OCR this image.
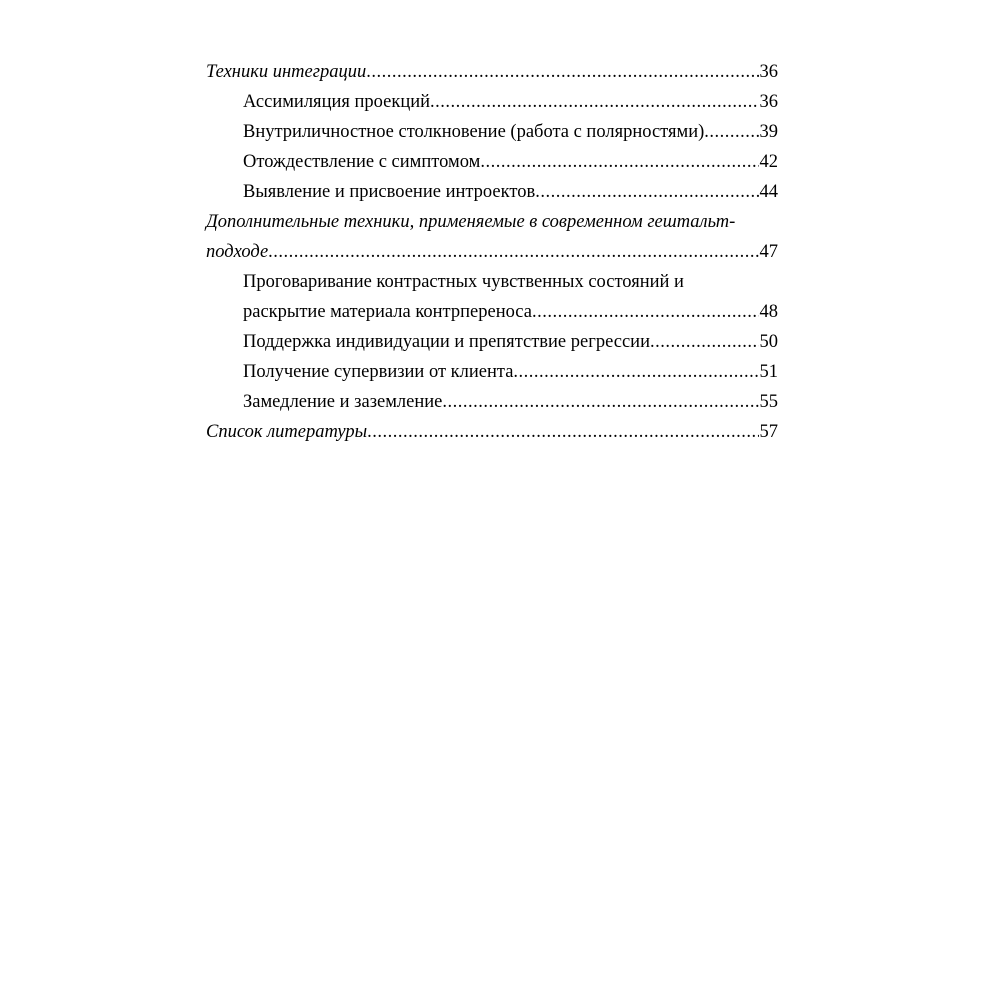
Техники интеграции .....	36
Ассимиляция проекций .....	36
Внутриличностное столкновение (работа с полярностями) .....	39
Отождествление с симптомом .....	42
Выявление и присвоение интроектов .....	44
Дополнительные техники, применяемые в современном гештальт-
подходе .....	47
Проговаривание контрастных чувственных состояний и
раскрытие материала контрпереноса .....	48
Поддержка индивидуации и препятствие регрессии .....	50
Получение супервизии от клиента .....	51
Замедление и заземление .....	55
Список литературы .....	57
